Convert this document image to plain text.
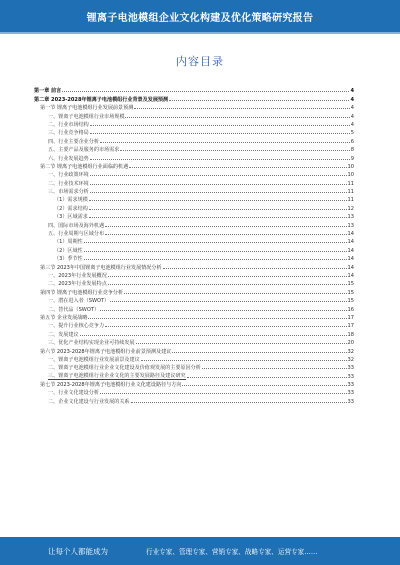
锂离子电池模组企业文化构建及优化策略研究报告
内容目录
第一章 前言	4
第二章 2023-2028年锂离子电池模组行业背景及发展预测	4
第一节 锂离子电池模组行业发展前景预测	4
一、锂离子电池模组行业市场规模	4
二、行业市场结构	4
三、行业竞争格局	5
四、行业主要企业分析	6
五、主要产品及服务的市场需求	8
六、行业发展趋势	9
第二节 锂离子电池模组行业面临的机遇	10
一、行业政策环境	10
二、行业技术环境	11
三、市场需求分析	11
（1）需求规模	11
（2）需求结构	12
（3）区域需求	13
四、国际市场及海外机遇	13
五、行业周期与区域分布	14
（1）周期性	14
（2）区域性	14
（3）季节性	14
第三节 2023年中国锂离子电池模组行业发展情况分析	14
一、2023年行业发展概况	14
二、2023年行业发展特点	15
第四节 锂离子电池模组行业竞争分析	15
一、潜在进入者（SWOT）	15
二、替代品（SWOT）	16
第五节 企业发展战略	17
一、提升行业核心竞争力	17
二、发展建议	18
三、优化产业结构实现企业可持续发展	20
第六节 2023-2028年锂离子电池模组行业前景预测及建议	32
一、锂离子电池模组行业发展前景及建议	32
二、锂离子电池模组行业企业文化建设及价值观发展的主要原因分析	33
三、锂离子电池模组行业企业文化的主要发展路径及建议研究	33
第七节 2023-2028年锂离子电池模组行业文化建设路径与方向	33
一、行业文化建设分析	33
二、企业文化建设与行业发展的关系	33
让每个人都能成为	行业专家、管理专家、营销专家、战略专家、运营专家……
